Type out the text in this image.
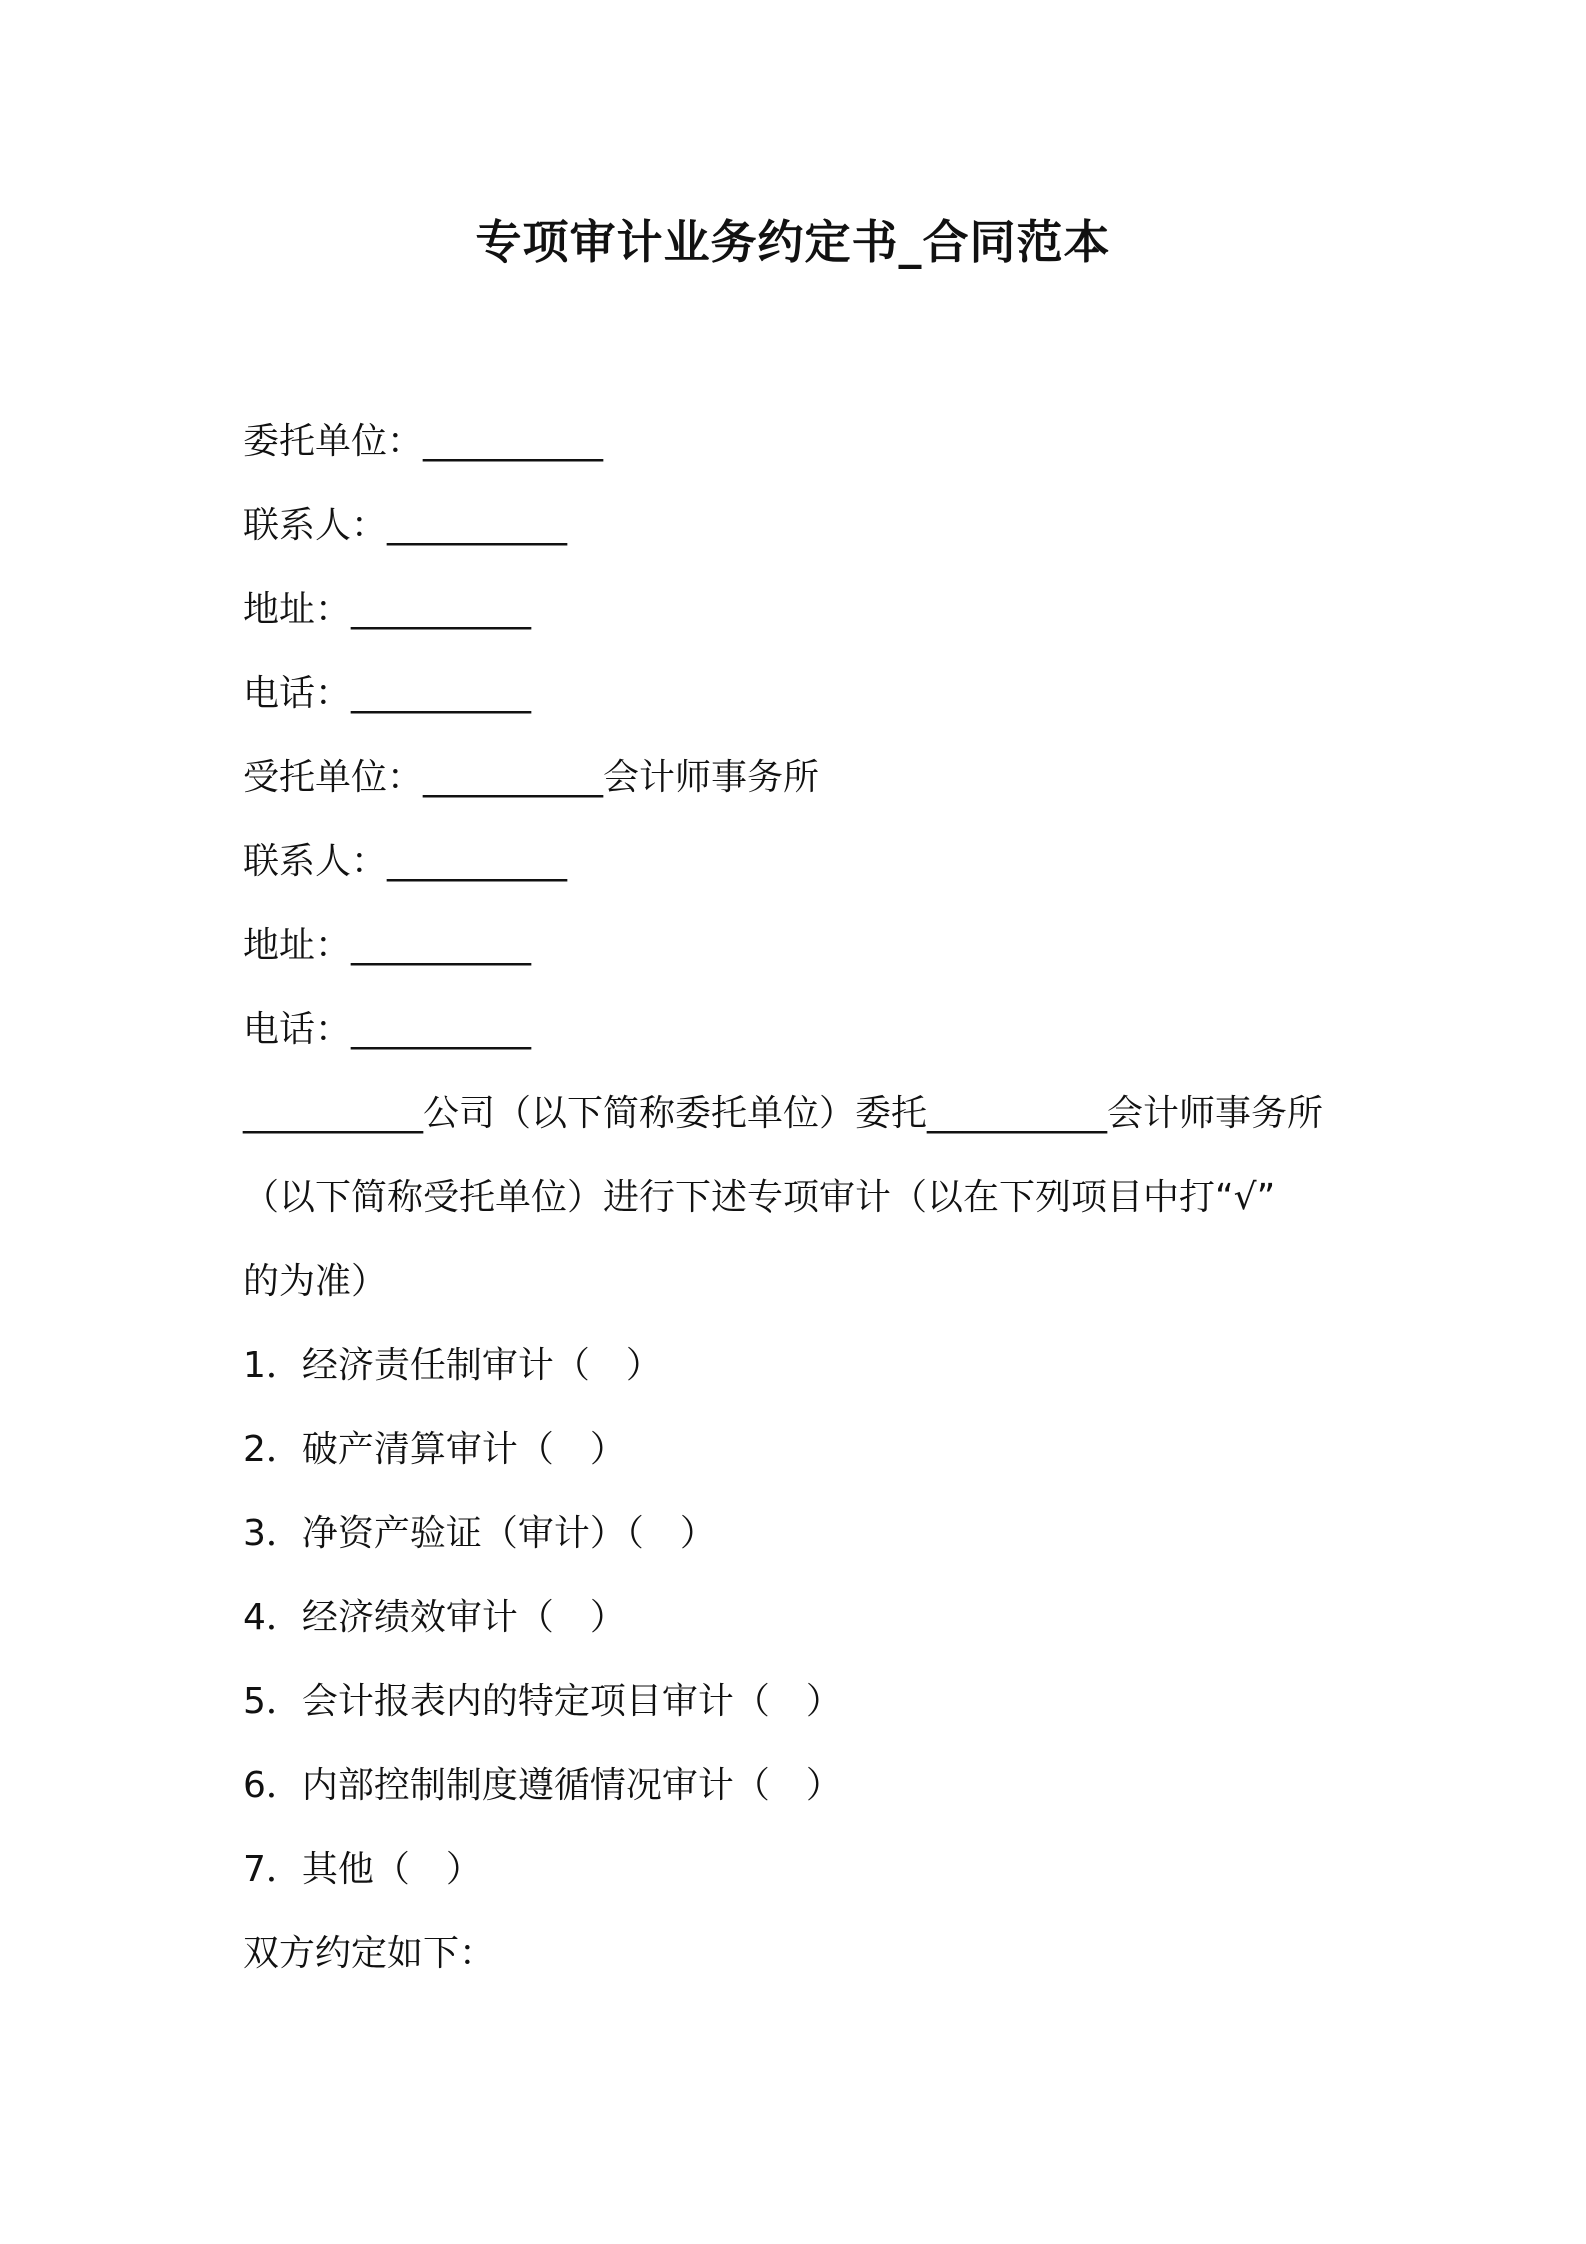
专项审计业务约定书_合同范本
委托单位：__________
联系人：__________
地址：__________
电话：__________
受托单位：__________会计师事务所
联系人：__________
地址：__________
电话：__________
__________公司（以下简称委托单位）委托__________会计师事务所
（以下简称受托单位）进行下述专项审计（以在下列项目中打“√”
的为准）
1．经济责任制审计（　）
2．破产清算审计（　）
3．净资产验证（审计）（　）
4．经济绩效审计（　）
5．会计报表内的特定项目审计（　）
6．内部控制制度遵循情况审计（　）
7．其他（　）
双方约定如下：
